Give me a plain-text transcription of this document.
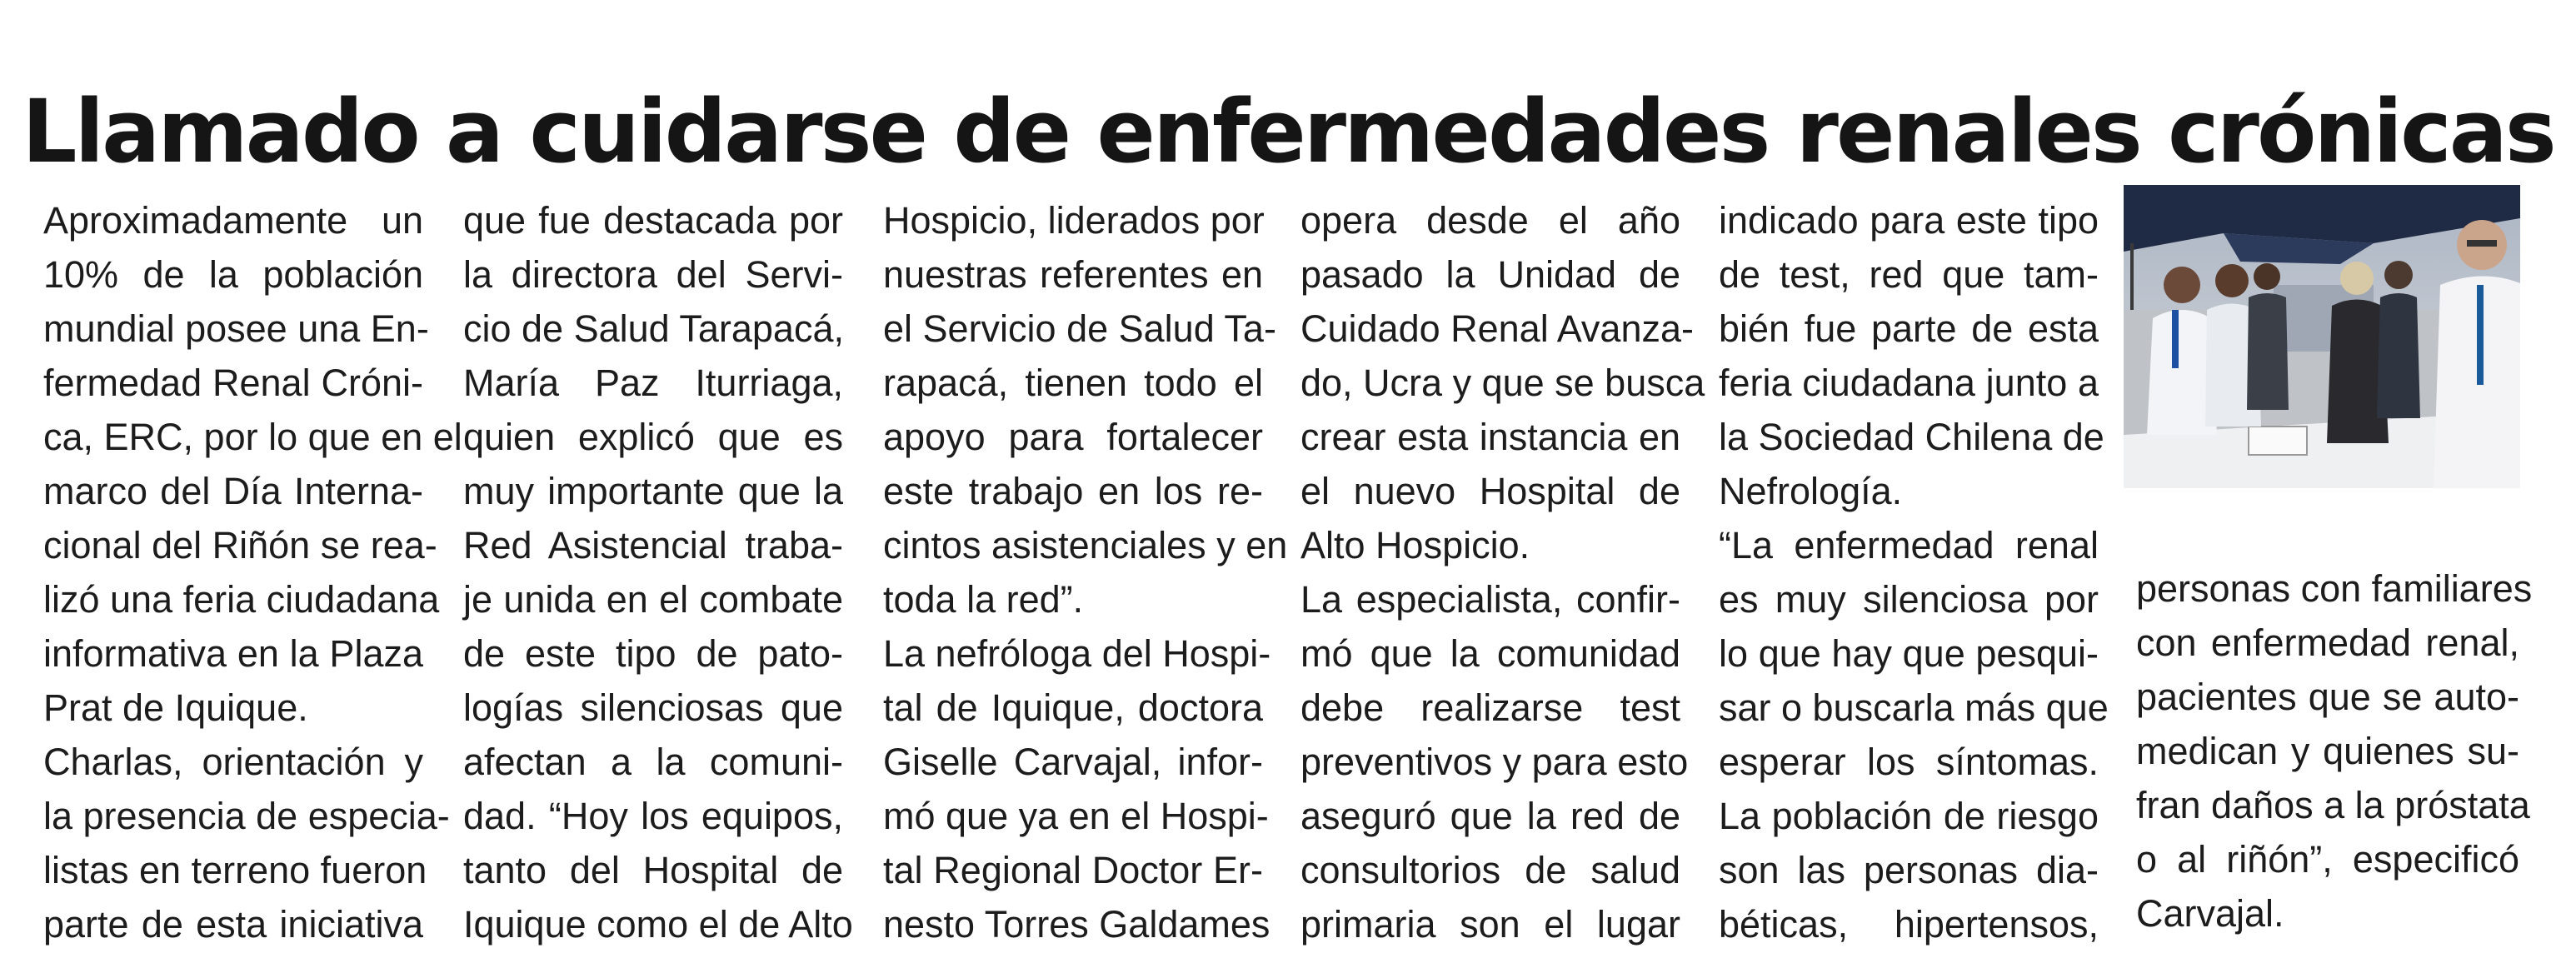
Llamado a cuidarse de enfermedades renales crónicas

Aproximadamente un

10% de la población

mundial posee una En-

fermedad Renal Cróni-

ca, ERC, por lo que en el

marco del Día Interna-

cional del Riñón se rea-

lizó una feria ciudadana

informativa en la Plaza

Prat de Iquique.

Charlas, orientación y

la presencia de especia-

listas en terreno fueron

parte de esta iniciativa

que fue destacada por

la directora del Servi-

cio de Salud Tarapacá,

María Paz Iturriaga,

quien explicó que es

muy importante que la

Red Asistencial traba-

je unida en el combate

de este tipo de pato-

logías silenciosas que

afectan a la comuni-

dad. “Hoy los equipos,

tanto del Hospital de

Iquique como el de Alto

Hospicio, liderados por

nuestras referentes en

el Servicio de Salud Ta-

rapacá, tienen todo el

apoyo para fortalecer

este trabajo en los re-

cintos asistenciales y en

toda la red”.

La nefróloga del Hospi-

tal de Iquique, doctora

Giselle Carvajal, infor-

mó que ya en el Hospi-

tal Regional Doctor Er-

nesto Torres Galdames

opera desde el año

pasado la Unidad de

Cuidado Renal Avanza-

do, Ucra y que se busca

crear esta instancia en

el nuevo Hospital de

Alto Hospicio.

La especialista, confir-

mó que la comunidad

debe realizarse test

preventivos y para esto

aseguró que la red de

consultorios de salud

primaria son el lugar

indicado para este tipo

de test, red que tam-

bién fue parte de esta

feria ciudadana junto a

la Sociedad Chilena de

Nefrología.

“La enfermedad renal

es muy silenciosa por

lo que hay que pesqui-

sar o buscarla más que

esperar los síntomas.

La población de riesgo

son las personas dia-

béticas, hipertensos,

personas con familiares

con enfermedad renal,

pacientes que se auto-

medican y quienes su-

fran daños a la próstata

o al riñón”, especificó

Carvajal.
